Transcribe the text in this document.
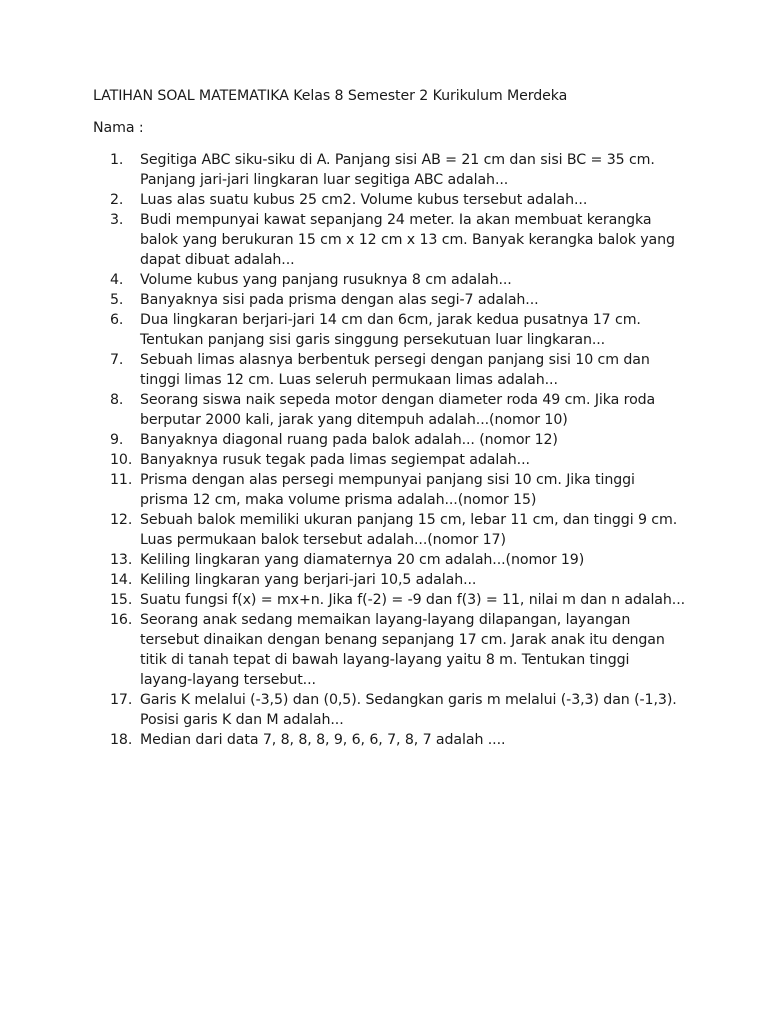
LATIHAN SOAL MATEMATIKA Kelas 8 Semester 2 Kurikulum Merdeka
Nama :
1.	Segitiga ABC siku-siku di A. Panjang sisi AB = 21 cm dan sisi BC = 35 cm. Panjang jari-jari lingkaran luar segitiga ABC adalah...
2.	Luas alas suatu kubus 25 cm2. Volume kubus tersebut adalah...
3.	Budi mempunyai kawat sepanjang 24 meter. Ia akan membuat kerangka balok yang berukuran 15 cm x 12 cm x 13 cm. Banyak kerangka balok yang dapat dibuat adalah...
4.	Volume kubus yang panjang rusuknya 8 cm adalah...
5.	Banyaknya sisi pada prisma dengan alas segi-7 adalah...
6.	Dua lingkaran berjari-jari 14 cm dan 6cm, jarak kedua pusatnya 17 cm. Tentukan panjang sisi garis singgung persekutuan luar lingkaran...
7.	Sebuah limas alasnya berbentuk persegi dengan panjang sisi 10 cm dan tinggi limas 12 cm. Luas seleruh permukaan limas adalah...
8.	Seorang siswa naik sepeda motor dengan diameter roda 49 cm. Jika roda berputar 2000 kali, jarak yang ditempuh adalah...(nomor 10)
9.	Banyaknya diagonal ruang pada balok adalah... (nomor 12)
10. Banyaknya rusuk tegak pada limas segiempat adalah...
11. Prisma dengan alas persegi mempunyai panjang sisi 10 cm. Jika tinggi prisma 12 cm, maka volume prisma adalah...(nomor 15)
12. Sebuah balok memiliki ukuran panjang 15 cm, lebar 11 cm, dan tinggi 9 cm. Luas permukaan balok tersebut adalah...(nomor 17)
13. Keliling lingkaran yang diamaternya 20 cm adalah...(nomor 19)
14. Keliling lingkaran yang berjari-jari 10,5 adalah...
15. Suatu fungsi f(x) = mx+n. Jika f(-2) = -9 dan f(3) = 11, nilai m dan n adalah...
16. Seorang anak sedang memaikan layang-layang dilapangan, layangan tersebut dinaikan dengan benang sepanjang 17 cm. Jarak anak itu dengan titik di tanah tepat di bawah layang-layang yaitu 8 m. Tentukan tinggi layang-layang tersebut...
17. Garis K melalui (-3,5) dan (0,5). Sedangkan garis m melalui (-3,3) dan (-1,3). Posisi garis K dan M adalah...
18. Median dari data 7, 8, 8, 8, 9, 6, 6, 7, 8, 7 adalah ....
